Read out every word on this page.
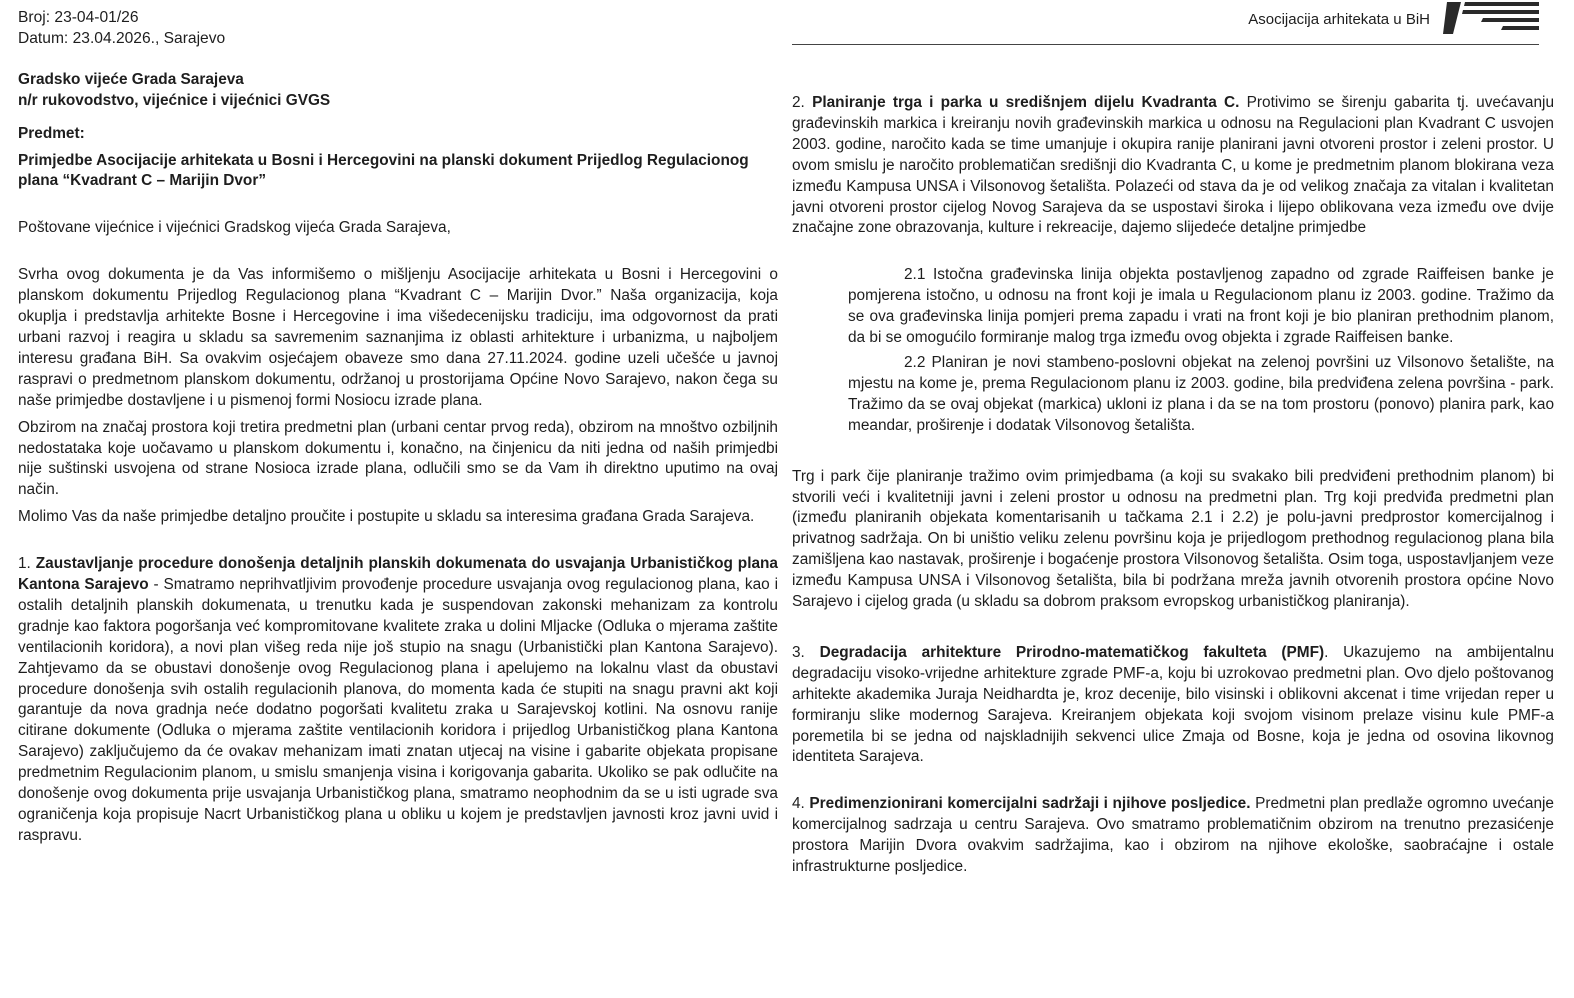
Asocijacija arhitekata u BiH

Broj: 23-04-01/26

Datum: 23.04.2026., Sarajevo

Gradsko vijeće Grada Sarajeva

n/r rukovodstvo, vijećnice i vijećnici GVGS

Predmet:

Primjedbe Asocijacije arhitekata u Bosni i Hercegovini na planski dokument Prijedlog Regulacionog plana “Kvadrant C – Marijin Dvor”

Poštovane vijećnice i vijećnici Gradskog vijeća Grada Sarajeva,

Svrha ovog dokumenta je da Vas informišemo o mišljenju Asocijacije arhitekata u Bosni i Hercegovini o planskom dokumentu Prijedlog Regulacionog plana “Kvadrant C – Marijin Dvor.” Naša organizacija, koja okuplja i predstavlja arhitekte Bosne i Hercegovine i ima višedecenijsku tradiciju, ima odgovornost da prati urbani razvoj i reagira u skladu sa savremenim saznanjima iz oblasti arhitekture i urbanizma, u najboljem interesu građana BiH. Sa ovakvim osjećajem obaveze smo dana 27.11.2024. godine uzeli učešće u javnoj raspravi o predmetnom planskom dokumentu, održanoj u prostorijama Općine Novo Sarajevo, nakon čega su naše primjedbe dostavljene i u pismenoj formi Nosiocu izrade plana.

Obzirom na značaj prostora koji tretira predmetni plan (urbani centar prvog reda), obzirom na mnoštvo ozbiljnih nedostataka koje uočavamo u planskom dokumentu i, konačno, na činjenicu da niti jedna od naših primjedbi nije suštinski usvojena od strane Nosioca izrade plana, odlučili smo se da Vam ih direktno uputimo na ovaj način.

Molimo Vas da naše primjedbe detaljno proučite i postupite u skladu sa interesima građana Grada Sarajeva.

1. Zaustavljanje procedure donošenja detaljnih planskih dokumenata do usvajanja Urbanističkog plana Kantona Sarajevo - Smatramo neprihvatljivim provođenje procedure usvajanja ovog regulacionog plana, kao i ostalih detaljnih planskih dokumenata, u trenutku kada je suspendovan zakonski mehanizam za kontrolu gradnje kao faktora pogoršanja već kompromitovane kvalitete zraka u dolini Mljacke (Odluka o mjerama zaštite ventilacionih koridora), a novi plan višeg reda nije još stupio na snagu (Urbanistički plan Kantona Sarajevo). Zahtjevamo da se obustavi donošenje ovog Regulacionog plana i apelujemo na lokalnu vlast da obustavi procedure donošenja svih ostalih regulacionih planova, do momenta kada će stupiti na snagu pravni akt koji garantuje da nova gradnja neće dodatno pogoršati kvalitetu zraka u Sarajevskoj kotlini. Na osnovu ranije citirane dokumente (Odluka o mjerama zaštite ventilacionih koridora i prijedlog Urbanističkog plana Kantona Sarajevo) zaključujemo da će ovakav mehanizam imati znatan utjecaj na visine i gabarite objekata propisane predmetnim Regulacionim planom, u smislu smanjenja visina i korigovanja gabarita. Ukoliko se pak odlučite na donošenje ovog dokumenta prije usvajanja Urbanističkog plana, smatramo neophodnim da se u isti ugrade sva ograničenja koja propisuje Nacrt Urbanističkog plana u obliku u kojem je predstavljen javnosti kroz javni uvid i raspravu.

2. Planiranje trga i parka u središnjem dijelu Kvadranta C. Protivimo se širenju gabarita tj. uvećavanju građevinskih markica i kreiranju novih građevinskih markica u odnosu na Regulacioni plan Kvadrant C usvojen 2003. godine, naročito kada se time umanjuje i okupira ranije planirani javni otvoreni prostor i zeleni prostor. U ovom smislu je naročito problematičan središnji dio Kvadranta C, u kome je predmetnim planom blokirana veza između Kampusa UNSA i Vilsonovog šetališta. Polazeći od stava da je od velikog značaja za vitalan i kvalitetan javni otvoreni prostor cijelog Novog Sarajeva da se uspostavi široka i lijepo oblikovana veza između ove dvije značajne zone obrazovanja, kulture i rekreacije, dajemo slijedeće detaljne primjedbe

2.1 Istočna građevinska linija objekta postavljenog zapadno od zgrade Raiffeisen banke je pomjerena istočno, u odnosu na front koji je imala u Regulacionom planu iz 2003. godine. Tražimo da se ova građevinska linija pomjeri prema zapadu i vrati na front koji je bio planiran prethodnim planom, da bi se omogućilo formiranje malog trga između ovog objekta i zgrade Raiffeisen banke.

2.2 Planiran je novi stambeno-poslovni objekat na zelenoj površini uz Vilsonovo šetalište, na mjestu na kome je, prema Regulacionom planu iz 2003. godine, bila predviđena zelena površina - park. Tražimo da se ovaj objekat (markica) ukloni iz plana i da se na tom prostoru (ponovo) planira park, kao meandar, proširenje i dodatak Vilsonovog šetališta.

Trg i park čije planiranje tražimo ovim primjedbama (a koji su svakako bili predviđeni prethodnim planom) bi stvorili veći i kvalitetniji javni i zeleni prostor u odnosu na predmetni plan. Trg koji predviđa predmetni plan (između planiranih objekata komentarisanih u tačkama 2.1 i 2.2) je polu-javni predprostor komercijalnog i privatnog sadržaja. On bi uništio veliku zelenu površinu koja je prijedlogom prethodnog regulacionog plana bila zamišljena kao nastavak, proširenje i bogaćenje prostora Vilsonovog šetališta. Osim toga, uspostavljanjem veze između Kampusa UNSA i Vilsonovog šetališta, bila bi podržana mreža javnih otvorenih prostora općine Novo Sarajevo i cijelog grada (u skladu sa dobrom praksom evropskog urbanističkog planiranja).

3. Degradacija arhitekture Prirodno-matematičkog fakulteta (PMF). Ukazujemo na ambijentalnu degradaciju visoko-vrijedne arhitekture zgrade PMF-a, koju bi uzrokovao predmetni plan. Ovo djelo poštovanog arhitekte akademika Juraja Neidhardta je, kroz decenije, bilo visinski i oblikovni akcenat i time vrijedan reper u formiranju slike modernog Sarajeva. Kreiranjem objekata koji svojom visinom prelaze visinu kule PMF-a poremetila bi se jedna od najskladnijih sekvenci ulice Zmaja od Bosne, koja je jedna od osovina likovnog identiteta Sarajeva.

4. Predimenzionirani komercijalni sadržaji i njihove posljedice. Predmetni plan predlaže ogromno uvećanje komercijalnog sadrzaja u centru Sarajeva. Ovo smatramo problematičnim obzirom na trenutno prezasićenje prostora Marijin Dvora ovakvim sadržajima, kao i obzirom na njihove ekološke, saobraćajne i ostale infrastrukturne posljedice.
